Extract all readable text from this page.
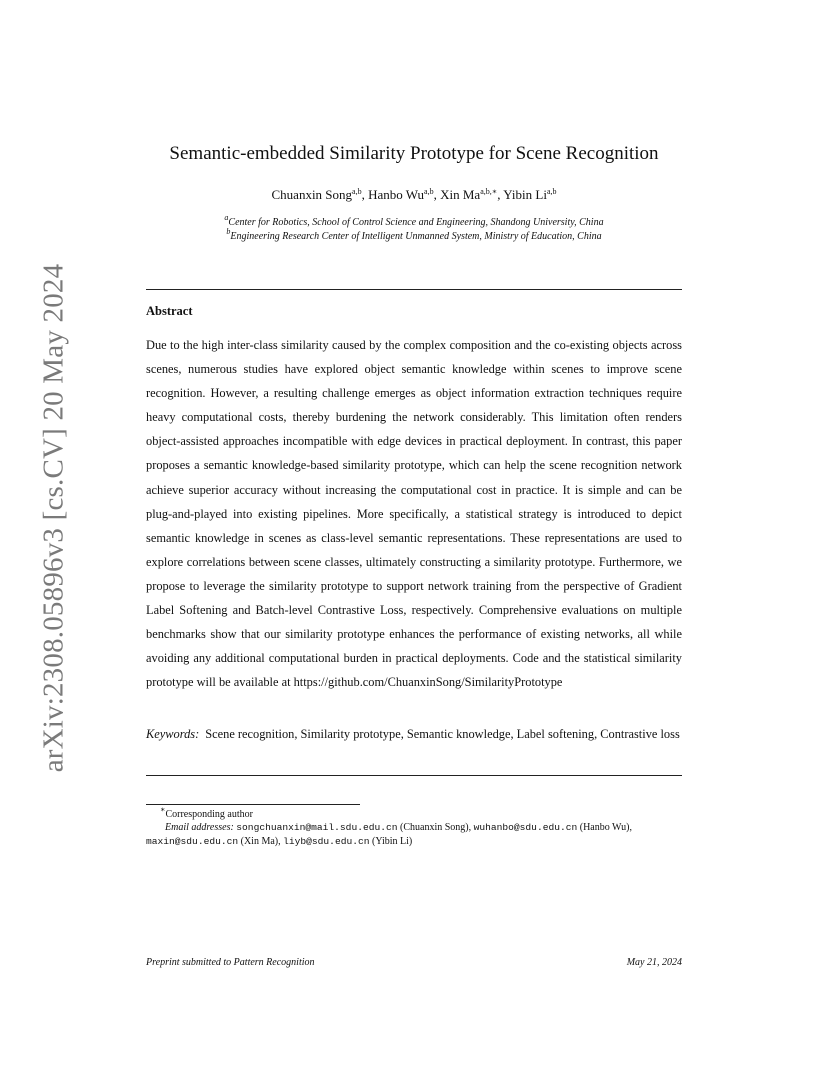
arXiv:2308.05896v3 [cs.CV] 20 May 2024
Semantic-embedded Similarity Prototype for Scene Recognition
Chuanxin Song$^{a,b}$, Hanbo Wu$^{a,b}$, Xin $Ma^{a,b,∗}$, Yibin Li$^{a,b}$
$^a$Center for Robotics, School of Control Science and Engineering, Shandong University, China
$^b$Engineering Research Center of Intelligent Unmanned System, Ministry of Education, China
Abstract

Due to the high inter-class similarity caused by the complex composition and the co-existing objects across scenes, numerous studies have explored object semantic knowledge within scenes to improve scene recognition. However, a resulting challenge emerges as object information extraction techniques require heavy computational costs, thereby burdening the network considerably. This limitation often renders object-assisted approaches incompatible with edge devices in practical deployment. In contrast, this paper proposes a semantic knowledge-based similarity prototype, which can help the scene recognition network achieve superior accuracy without increasing the computational cost in practice. It is simple and can be plug-and-played into existing pipelines. More specifically, a statistical strategy is introduced to depict semantic knowledge in scenes as class-level semantic representations. These representations are used to explore correlations between scene classes, ultimately constructing a similarity prototype. Furthermore, we propose to leverage the similarity prototype to support network training from the perspective of Gradient Label Softening and Batch-level Contrastive Loss, respectively. Comprehensive evaluations on multiple benchmarks show that our similarity prototype enhances the performance of existing networks, all while avoiding any additional computational burden in practical deployments. Code and the statistical similarity prototype will be available at https://github.com/ChuanxinSong/SimilarityPrototype

Keywords: Scene recognition, Similarity prototype, Semantic knowledge, Label softening, Contrastive loss

∗Corresponding author
Email addresses: songchuanxin@mail.sdu.edu.cn (Chuanxin Song), wuhanbo@sdu.edu.cn (Hanbo Wu),
maxin@sdu.edu.cn (Xin Ma), liyb@sdu.edu.cn (Yibin Li)
Preprint submitted to Pattern Recognition	May 21, 2024
